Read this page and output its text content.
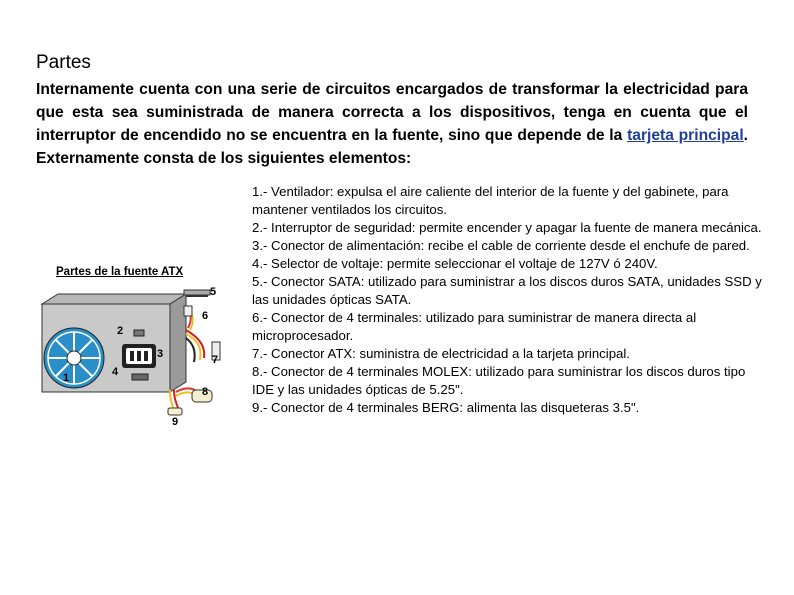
Partes

Internamente cuenta con una serie de circuitos encargados de transformar la electricidad para que esta sea suministrada de manera correcta a los dispositivos, tenga en cuenta que el interruptor de encendido no se encuentra en la fuente, sino que depende de la tarjeta principal. Externamente consta de los siguientes elementos:

Partes de la fuente ATX
1
2
3
4
5
6
7
8
9
1.- Ventilador: expulsa el aire caliente del interior de la fuente y del gabinete, para mantener ventilados los circuitos.
2.- Interruptor de seguridad: permite encender y apagar la fuente de manera mecánica.
3.- Conector de alimentación: recibe el cable de corriente desde el enchufe de pared.
4.- Selector de voltaje: permite seleccionar el voltaje de 127V ó 240V.
5.- Conector SATA: utilizado para suministrar a los discos duros SATA, unidades SSD y las unidades ópticas SATA.
6.- Conector de 4 terminales: utilizado para suministrar de manera directa al microprocesador.
7.- Conector ATX: suministra de electricidad a la tarjeta principal.
8.- Conector de 4 terminales MOLEX: utilizado para suministrar los discos duros tipo IDE y las unidades ópticas de 5.25".
9.- Conector de 4 terminales BERG: alimenta las disqueteras 3.5".
